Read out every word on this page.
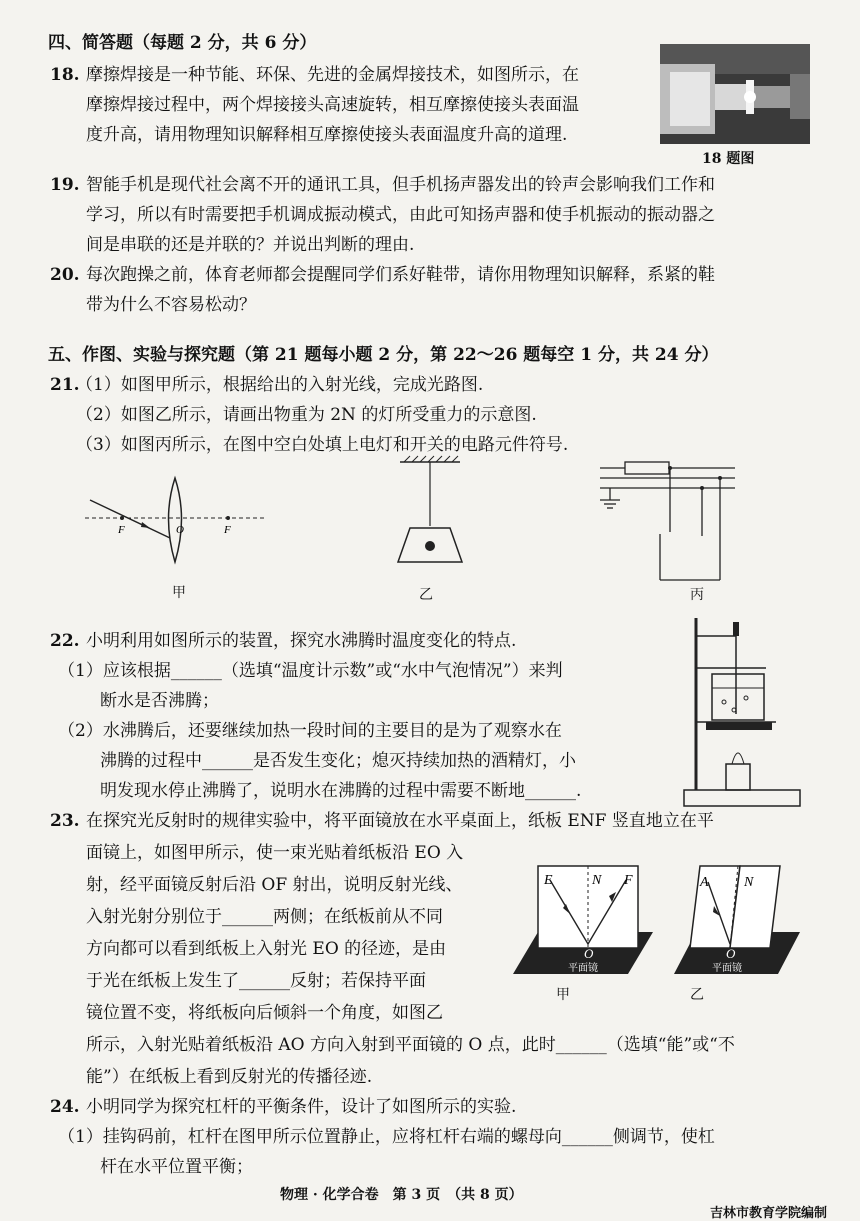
四、简答题（每题 2 分，共 6 分）
18. 摩擦焊接是一种节能、环保、先进的金属焊接技术，如图所示，在
摩擦焊接过程中，两个焊接接头高速旋转，相互摩擦使接头表面温
度升高，请用物理知识解释相互摩擦使接头表面温度升高的道理.
18 题图
19. 智能手机是现代社会离不开的通讯工具，但手机扬声器发出的铃声会影响我们工作和
学习，所以有时需要把手机调成振动模式，由此可知扬声器和使手机振动的振动器之
间是串联的还是并联的？并说出判断的理由.
20. 每次跑操之前，体育老师都会提醒同学们系好鞋带，请你用物理知识解释，系紧的鞋
带为什么不容易松动？
五、作图、实验与探究题（第 21 题每小题 2 分，第 22～26 题每空 1 分，共 24 分）
21.
（1）如图甲所示，根据给出的入射光线，完成光路图.
（2）如图乙所示，请画出物重为 2N 的灯所受重力的示意图.
（3）如图丙所示，在图中空白处填上电灯和开关的电路元件符号.
F	F
O
甲	乙	丙
22. 小明利用如图所示的装置，探究水沸腾时温度变化的特点.
（1）应该根据______（选填“温度计示数”或“水中气泡情况”）来判
断水是否沸腾；
（2）水沸腾后，还要继续加热一段时间的主要目的是为了观察水在
沸腾的过程中______是否发生变化；熄灭持续加热的酒精灯，小
明发现水停止沸腾了，说明水在沸腾的过程中需要不断地______.
23. 在探究光反射时的规律实验中，将平面镜放在水平桌面上，纸板 ENF 竖直地立在平
面镜上，如图甲所示，使一束光贴着纸板沿 EO 入
射，经平面镜反射后沿 OF 射出，说明反射光线、
入射光射分别位于______两侧；在纸板前从不同
方向都可以看到纸板上入射光 EO 的径迹，是由
于光在纸板上发生了______反射；若保持平面
镜位置不变，将纸板向后倾斜一个角度，如图乙
所示，入射光贴着纸板沿 AO 方向入射到平面镜的 O 点，此时______（选填“能”或“不
能”）在纸板上看到反射光的传播径迹.
E	N F
O
平面镜
甲
A	N
O
平面镜
乙
24. 小明同学为探究杠杆的平衡条件，设计了如图所示的实验.
（1）挂钩码前，杠杆在图甲所示位置静止，应将杠杆右端的螺母向______侧调节，使杠
杆在水平位置平衡；
物理 · 化学合卷　第 3 页　（共 8 页）
吉林市教育学院编制
